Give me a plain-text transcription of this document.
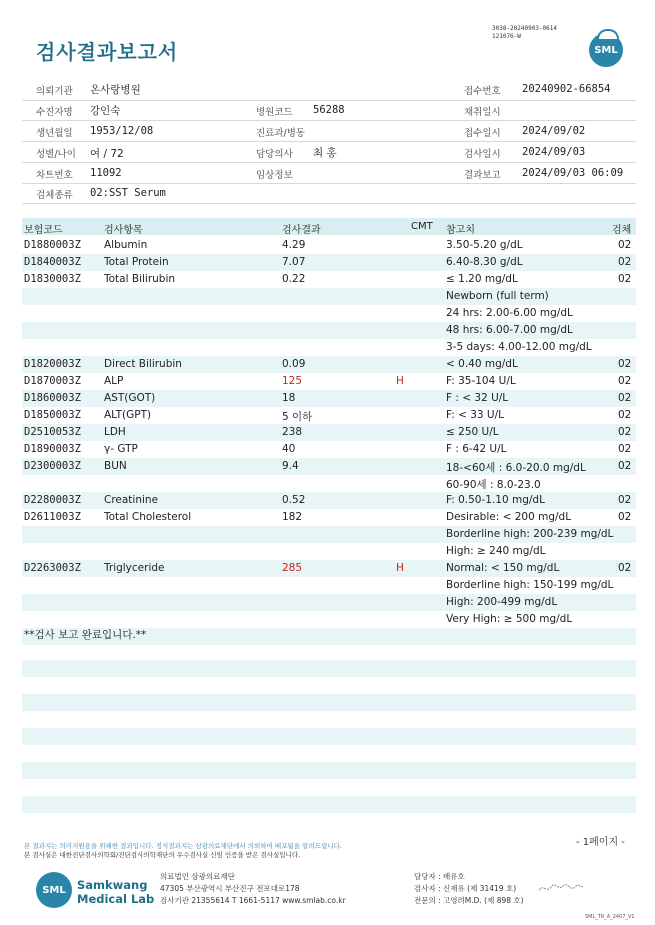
3038-20240903-0614
121076-W
검사결과보고서	SML
의뢰기관 온사랑병원	접수번호 20240902-66854
수진자명 강인숙	병원코드 56288	채취일시
생년월일 1953/12/08	진료과/병동	접수일시 2024/09/02
성별/나이 여 / 72	담당의사 최 홍	검사일시 2024/09/03
차트번호 11092	임상정보	결과보고 2024/09/03 06:09
검체종류 02:SST Serum
보험코드	검사항목	검사결과	CMT 참고치	검체
D1880003Z Albumin	4.29	3.50-5.20 g/dL	02
D1840003Z Total Protein	7.07	6.40-8.30 g/dL	02
D1830003Z Total Bilirubin	0.22	≤ 1.20 mg/dL	02
Newborn (full term)
24 hrs: 2.00-6.00 mg/dL
48 hrs: 6.00-7.00 mg/dL
3-5 days: 4.00-12.00 mg/dL
D1820003Z Direct Bilirubin	0.09	< 0.40 mg/dL	02
D1870003Z ALP	125	H	F: 35-104 U/L	02
D1860003Z AST(GOT)	18	F : < 32 U/L	02
D1850003Z ALT(GPT)	5 이하	F: < 33 U/L	02
D2510053Z LDH	238	≤ 250 U/L	02
D1890003Z γ- GTP	40	F : 6-42 U/L	02
D2300003Z BUN	9.4	18-<60세 : 6.0-20.0 mg/dL	02
60-90세 : 8.0-23.0
D2280003Z Creatinine	0.52	F: 0.50-1.10 mg/dL	02
D2611003Z Total Cholesterol	182	Desirable: < 200 mg/dL	02
Borderline high: 200-239 mg/dL
High: ≥ 240 mg/dL
D2263003Z Triglyceride	285	H	Normal: < 150 mg/dL	02
Borderline high: 150-199 mg/dL
High: 200-499 mg/dL
Very High: ≥ 500 mg/dL
**검사 보고 완료입니다.**
본 결과지는 의미지원용을 위해한 결과입니다. 정식결과지는 삼광의료재단에서 의뢰하여 배포됨을 알려드립니다.
본 검사실은 대한진단검사의학회/진단검사의학재단의 우수검사실 신임 인증을 받은 검사실입니다.
- 1페이지 -
SML Samkwang
Medical Lab
의료법인 삼광의료재단
47305 부산광역시 부산진구 전포대로178
검사기관 21355614 T 1661-5117 www.smlab.co.kr
담당자 : 배유호
검사자 : 신재유 (제 31419 호)
전문의 : 고영려M.D. (제 898 호)
SML_TR_A_2407_V1
